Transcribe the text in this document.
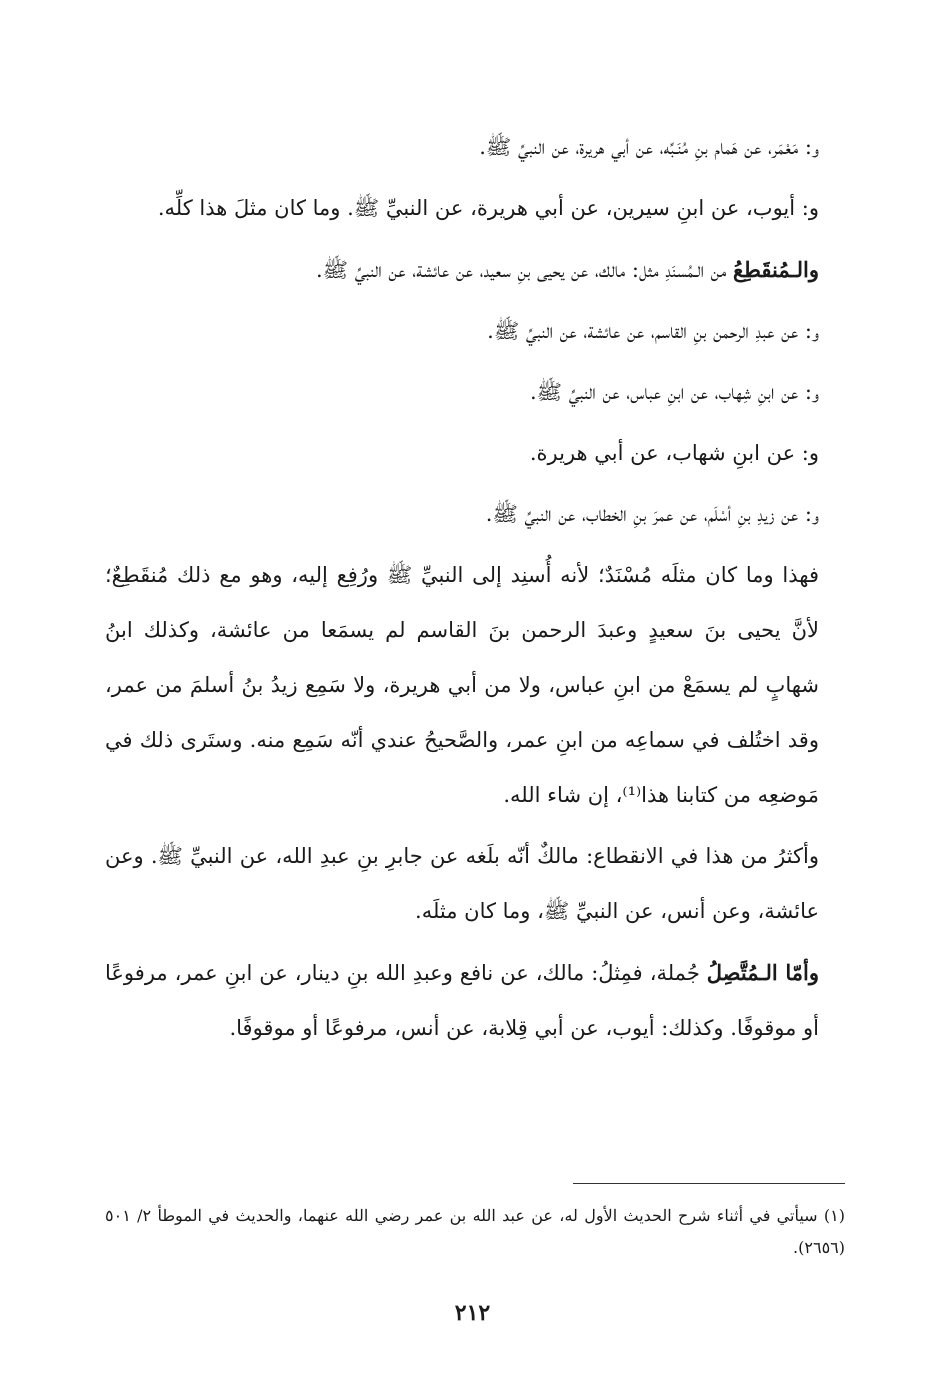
و: مَعْمَر، عن هَمام بنِ مُنَـبِّه، عن أبي هريرة، عن النبيِّ ﷺ.

و: أيوب، عن ابنِ سيرين، عن أبي هريرة، عن النبيِّ ﷺ. وما كان مثلَ هذا كلِّه.

والـمُنقَطِعُ من الـمُسنَدِ مثل: مالك، عن يحيى بنِ سعيد، عن عائشة، عن النبيِّ ﷺ.

و: عن عبدِ الرحمن بنِ القاسم، عن عائشة، عن النبيِّ ﷺ.

و: عن ابنِ شِهاب، عن ابنِ عباس، عن النبيِّ ﷺ.

و: عن ابنِ شهاب، عن أبي هريرة.

و: عن زيدِ بنِ أسْلَم، عن عمرَ بنِ الخطاب، عن النبيِّ ﷺ.

فهذا وما كان مثلَه مُسْنَدٌ؛ لأنه أُسنِد إلى النبيِّ ﷺ ورُفِع إليه، وهو مع ذلك مُنقَطِعٌ؛ لأنَّ يحيى بنَ سعيدٍ وعبدَ الرحمن بنَ القاسم لم يسمَعا من عائشة، وكذلك ابنُ شهابٍ لم يسمَعْ من ابنِ عباس، ولا من أبي هريرة، ولا سَمِع زيدُ بنُ أسلمَ من عمر، وقد اختُلف في سماعِه من ابنِ عمر، والصَّحيحُ عندي أنّه سَمِع منه. وستَرى ذلك في مَوضعِه من كتابنا هذا⁽¹⁾، إن شاء الله.

وأكثرُ من هذا في الانقطاع: مالكٌ أنّه بلَغه عن جابرِ بنِ عبدِ الله، عن النبيِّ ﷺ. وعن عائشة، وعن أنس، عن النبيِّ ﷺ، وما كان مثلَه.

وأمّا الـمُتَّصِلُ جُملة، فمِثلُ: مالك، عن نافع وعبدِ الله بنِ دينار، عن ابنِ عمر، مرفوعًا أو موقوفًا. وكذلك: أيوب، عن أبي قِلابة، عن أنس، مرفوعًا أو موقوفًا.

(١) سيأتي في أثناء شرح الحديث الأول له، عن عبد الله بن عمر رضي الله عنهما، والحديث في الموطأ ٢/ ٥٠١ (٢٦٥٦).
٢١٢
